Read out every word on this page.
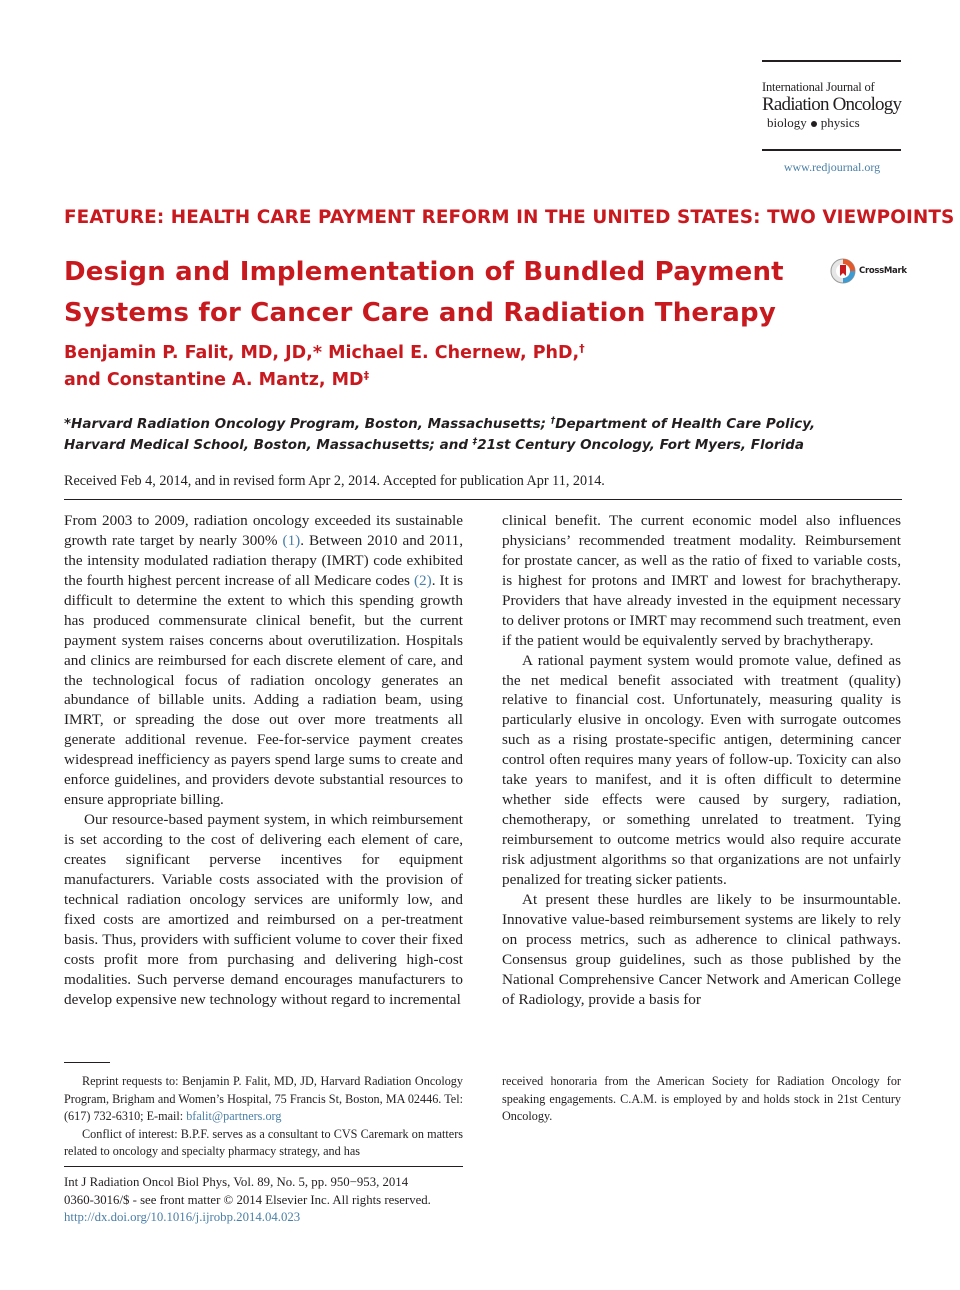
International Journal of
Radiation Oncology
biology physics
www.redjournal.org
FEATURE: HEALTH CARE PAYMENT REFORM IN THE UNITED STATES: TWO VIEWPOINTS
Design and Implementation of Bundled Payment
Systems for Cancer Care and Radiation Therapy
CrossMark
Benjamin P. Falit, MD, JD,* Michael E. Chernew, PhD,†
and Constantine A. Mantz, MD‡
*Harvard Radiation Oncology Program, Boston, Massachusetts; †Department of Health Care Policy,
Harvard Medical School, Boston, Massachusetts; and ‡21st Century Oncology, Fort Myers, Florida
Received Feb 4, 2014, and in revised form Apr 2, 2014. Accepted for publication Apr 11, 2014.

From 2003 to 2009, radiation oncology exceeded its sustainable growth rate target by nearly 300% (1). Between 2010 and 2011, the intensity modulated radiation therapy (IMRT) code exhibited the fourth highest percent increase of all Medicare codes (2). It is difficult to determine the extent to which this spending growth has produced commensurate clinical benefit, but the current payment system raises concerns about overutilization. Hospitals and clinics are reimbursed for each discrete element of care, and the technological focus of radiation oncology generates an abundance of billable units. Adding a radiation beam, using IMRT, or spreading the dose out over more treatments all generate additional revenue. Fee-for-service payment creates widespread inefficiency as payers spend large sums to create and enforce guidelines, and providers devote substantial resources to ensure appropriate billing.

Our resource-based payment system, in which reimbursement is set according to the cost of delivering each element of care, creates significant perverse incentives for equipment manufacturers. Variable costs associated with the provision of technical radiation oncology services are uniformly low, and fixed costs are amortized and reimbursed on a per-treatment basis. Thus, providers with sufficient volume to cover their fixed costs profit more from purchasing and delivering high-cost modalities. Such perverse demand encourages manufacturers to develop expensive new technology without regard to incremental

clinical benefit. The current economic model also influences physicians’ recommended treatment modality. Reimbursement for prostate cancer, as well as the ratio of fixed to variable costs, is highest for protons and IMRT and lowest for brachytherapy. Providers that have already invested in the equipment necessary to deliver protons or IMRT may recommend such treatment, even if the patient would be equivalently served by brachytherapy.

A rational payment system would promote value, defined as the net medical benefit associated with treatment (quality) relative to financial cost. Unfortunately, measuring quality is particularly elusive in oncology. Even with surrogate outcomes such as a rising prostate-specific antigen, determining cancer control often requires many years of follow-up. Toxicity can also take years to manifest, and it is often difficult to determine whether side effects were caused by surgery, radiation, chemotherapy, or something unrelated to treatment. Tying reimbursement to outcome metrics would also require accurate risk adjustment algorithms so that organizations are not unfairly penalized for treating sicker patients.

At present these hurdles are likely to be insurmountable. Innovative value-based reimbursement systems are likely to rely on process metrics, such as adherence to clinical pathways. Consensus group guidelines, such as those published by the National Comprehensive Cancer Network and American College of Radiology, provide a basis for

Reprint requests to: Benjamin P. Falit, MD, JD, Harvard Radiation Oncology Program, Brigham and Women’s Hospital, 75 Francis St, Boston, MA 02446. Tel: (617) 732-6310; E-mail: bfalit@partners.org

Conflict of interest: B.P.F. serves as a consultant to CVS Caremark on matters related to oncology and specialty pharmacy strategy, and has

received honoraria from the American Society for Radiation Oncology for speaking engagements. C.A.M. is employed by and holds stock in 21st Century Oncology.

Int J Radiation Oncol Biol Phys, Vol. 89, No. 5, pp. 950−953, 2014
0360-3016/$ - see front matter © 2014 Elsevier Inc. All rights reserved.
http://dx.doi.org/10.1016/j.ijrobp.2014.04.023
